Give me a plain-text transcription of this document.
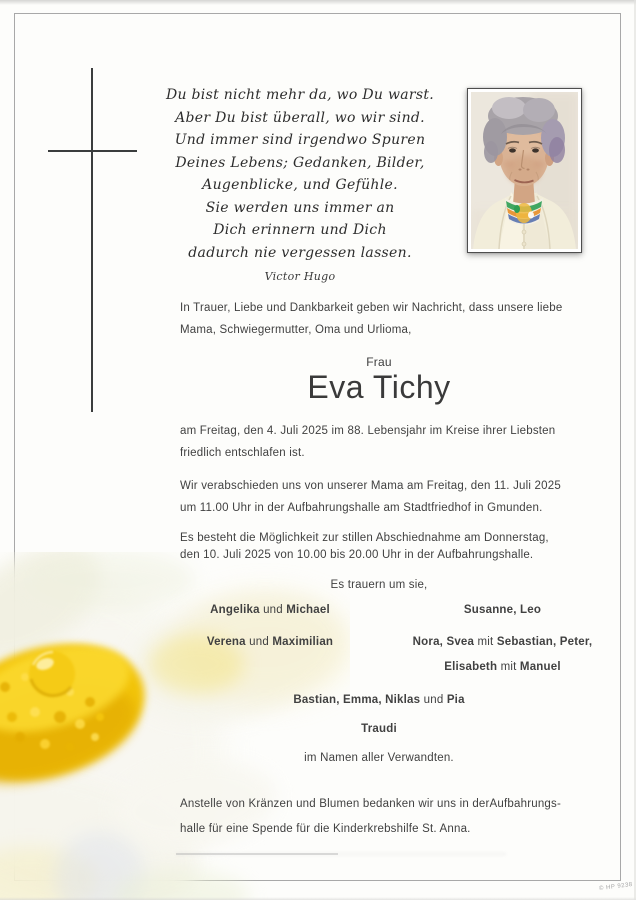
Du bist nicht mehr da, wo Du warst.
Aber Du bist überall, wo wir sind.
Und immer sind irgendwo Spuren
Deines Lebens; Gedanken, Bilder,
Augenblicke, und Gefühle.
Sie werden uns immer an
Dich erinnern und Dich
dadurch nie vergessen lassen.
Victor Hugo
In Trauer, Liebe und Dankbarkeit geben wir Nachricht, dass unsere liebe
Mama, Schwiegermutter, Oma und Urlioma,
Frau
Eva Tichy
am Freitag, den 4. Juli 2025 im 88. Lebensjahr im Kreise ihrer Liebsten
friedlich entschlafen ist.
Wir verabschieden uns von unserer Mama am Freitag, den 11. Juli 2025
um 11.00 Uhr in der Aufbahrungshalle am Stadtfriedhof in Gmunden.
Es besteht die Möglichkeit zur stillen Abschiednahme am Donnerstag,
den 10. Juli 2025 von 10.00 bis 20.00 Uhr in der Aufbahrungshalle.
Es trauern um sie,
Angelika und Michael	Susanne, Leo
Verena und Maximilian	Nora, Svea mit Sebastian, Peter,
Elisabeth mit Manuel
Bastian, Emma, Niklas und Pia
Traudi
im Namen aller Verwandten.
Anstelle von Kränzen und Blumen bedanken wir uns in derAufbahrungs-
halle für eine Spende für die Kinderkrebshilfe St. Anna.
© HP 9238
